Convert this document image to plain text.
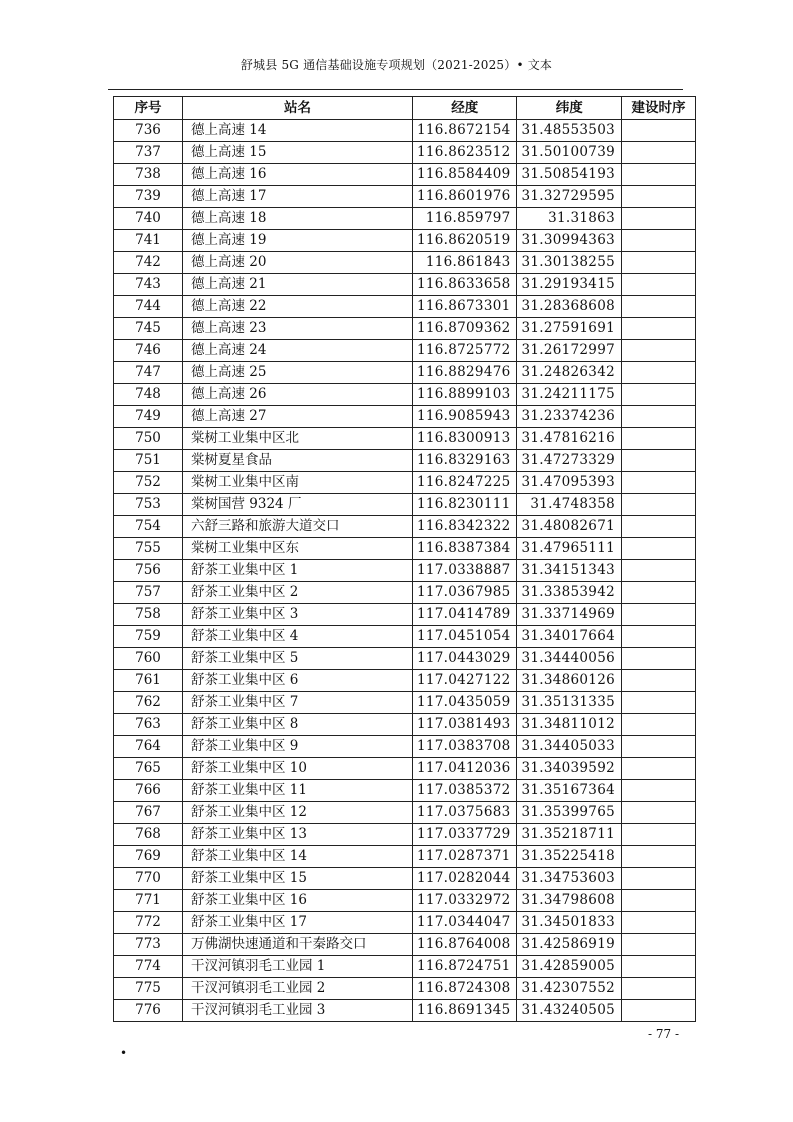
舒城县 5G 通信基础设施专项规划（2021-2025）• 文本
序号	站名	经度	纬度	建设时序
736	德上高速 14	116.8672154	31.48553503	
737	德上高速 15	116.8623512	31.50100739	
738	德上高速 16	116.8584409	31.50854193	
739	德上高速 17	116.8601976	31.32729595	
740	德上高速 18	116.859797	31.31863	
741	德上高速 19	116.8620519	31.30994363	
742	德上高速 20	116.861843	31.30138255	
743	德上高速 21	116.8633658	31.29193415	
744	德上高速 22	116.8673301	31.28368608	
745	德上高速 23	116.8709362	31.27591691	
746	德上高速 24	116.8725772	31.26172997	
747	德上高速 25	116.8829476	31.24826342	
748	德上高速 26	116.8899103	31.24211175	
749	德上高速 27	116.9085943	31.23374236	
750	棠树工业集中区北	116.8300913	31.47816216	
751	棠树夏星食品	116.8329163	31.47273329	
752	棠树工业集中区南	116.8247225	31.47095393	
753	棠树国营 9324 厂	116.8230111	31.4748358	
754	六舒三路和旅游大道交口	116.8342322	31.48082671	
755	棠树工业集中区东	116.8387384	31.47965111	
756	舒茶工业集中区 1	117.0338887	31.34151343	
757	舒茶工业集中区 2	117.0367985	31.33853942	
758	舒茶工业集中区 3	117.0414789	31.33714969	
759	舒茶工业集中区 4	117.0451054	31.34017664	
760	舒茶工业集中区 5	117.0443029	31.34440056	
761	舒茶工业集中区 6	117.0427122	31.34860126	
762	舒茶工业集中区 7	117.0435059	31.35131335	
763	舒茶工业集中区 8	117.0381493	31.34811012	
764	舒茶工业集中区 9	117.0383708	31.34405033	
765	舒茶工业集中区 10	117.0412036	31.34039592	
766	舒茶工业集中区 11	117.0385372	31.35167364	
767	舒茶工业集中区 12	117.0375683	31.35399765	
768	舒茶工业集中区 13	117.0337729	31.35218711	
769	舒茶工业集中区 14	117.0287371	31.35225418	
770	舒茶工业集中区 15	117.0282044	31.34753603	
771	舒茶工业集中区 16	117.0332972	31.34798608	
772	舒茶工业集中区 17	117.0344047	31.34501833	
773	万佛湖快速通道和干秦路交口	116.8764008	31.42586919	
774	干汊河镇羽毛工业园 1	116.8724751	31.42859005	
775	干汊河镇羽毛工业园 2	116.8724308	31.42307552	
776	干汊河镇羽毛工业园 3	116.8691345	31.43240505	
- 77 -
•
